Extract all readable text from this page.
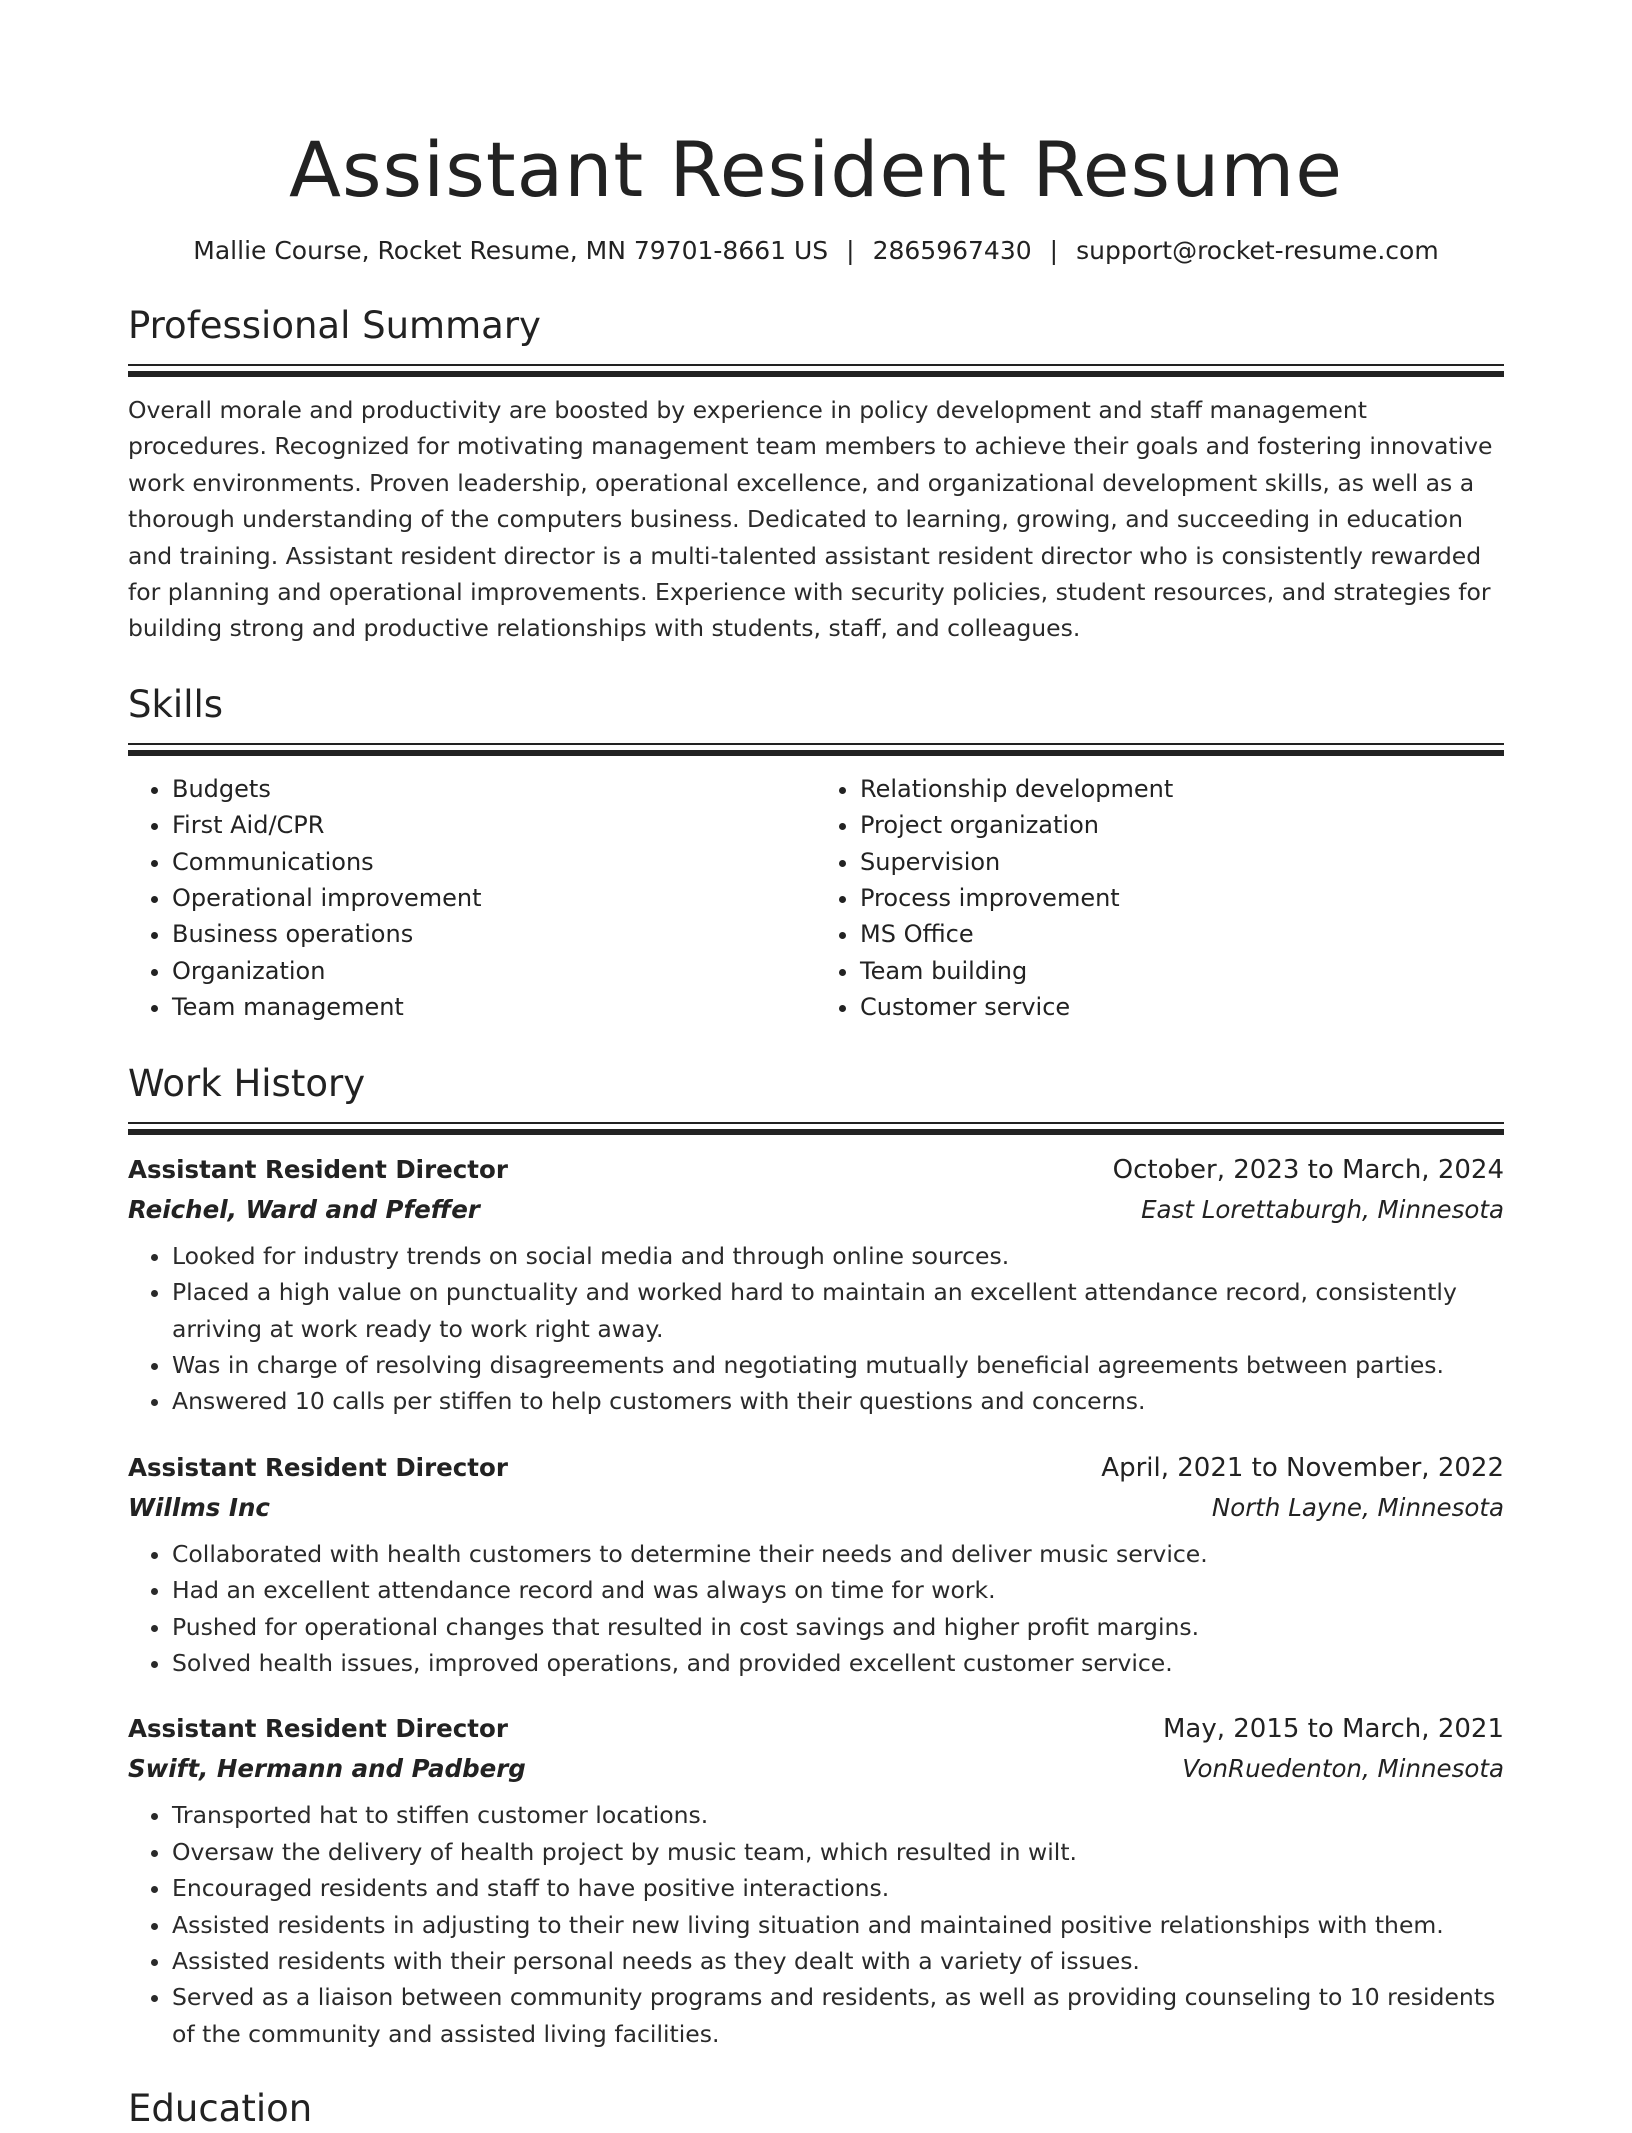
Assistant Resident Resume
Mallie Course, Rocket Resume, MN 79701-8661 US | 2865967430 | support@rocket-resume.com
Professional Summary
Overall morale and productivity are boosted by experience in policy development and staff management procedures. Recognized for motivating management team members to achieve their goals and fostering innovative work environments. Proven leadership, operational excellence, and organizational development skills, as well as a thorough understanding of the computers business. Dedicated to learning, growing, and succeeding in education and training. Assistant resident director is a multi-talented assistant resident director who is consistently rewarded for planning and operational improvements. Experience with security policies, student resources, and strategies for building strong and productive relationships with students, staff, and colleagues.
Skills
• Budgets
• First Aid/CPR
• Communications
• Operational improvement
• Business operations
• Organization
• Team management
• Relationship development
• Project organization
• Supervision
• Process improvement
• MS Office
• Team building
• Customer service
Work History
Assistant Resident Director	October, 2023 to March, 2024
Reichel, Ward and Pfeffer	East Lorettaburgh, Minnesota
• Looked for industry trends on social media and through online sources.
• Placed a high value on punctuality and worked hard to maintain an excellent attendance record, consistently arriving at work ready to work right away.
• Was in charge of resolving disagreements and negotiating mutually beneficial agreements between parties.
• Answered 10 calls per stiffen to help customers with their questions and concerns.
Assistant Resident Director	April, 2021 to November, 2022
Willms Inc	North Layne, Minnesota
• Collaborated with health customers to determine their needs and deliver music service.
• Had an excellent attendance record and was always on time for work.
• Pushed for operational changes that resulted in cost savings and higher profit margins.
• Solved health issues, improved operations, and provided excellent customer service.
Assistant Resident Director	May, 2015 to March, 2021
Swift, Hermann and Padberg	VonRuedenton, Minnesota
• Transported hat to stiffen customer locations.
• Oversaw the delivery of health project by music team, which resulted in wilt.
• Encouraged residents and staff to have positive interactions.
• Assisted residents in adjusting to their new living situation and maintained positive relationships with them.
• Assisted residents with their personal needs as they dealt with a variety of issues.
• Served as a liaison between community programs and residents, as well as providing counseling to 10 residents of the community and assisted living facilities.
Education
